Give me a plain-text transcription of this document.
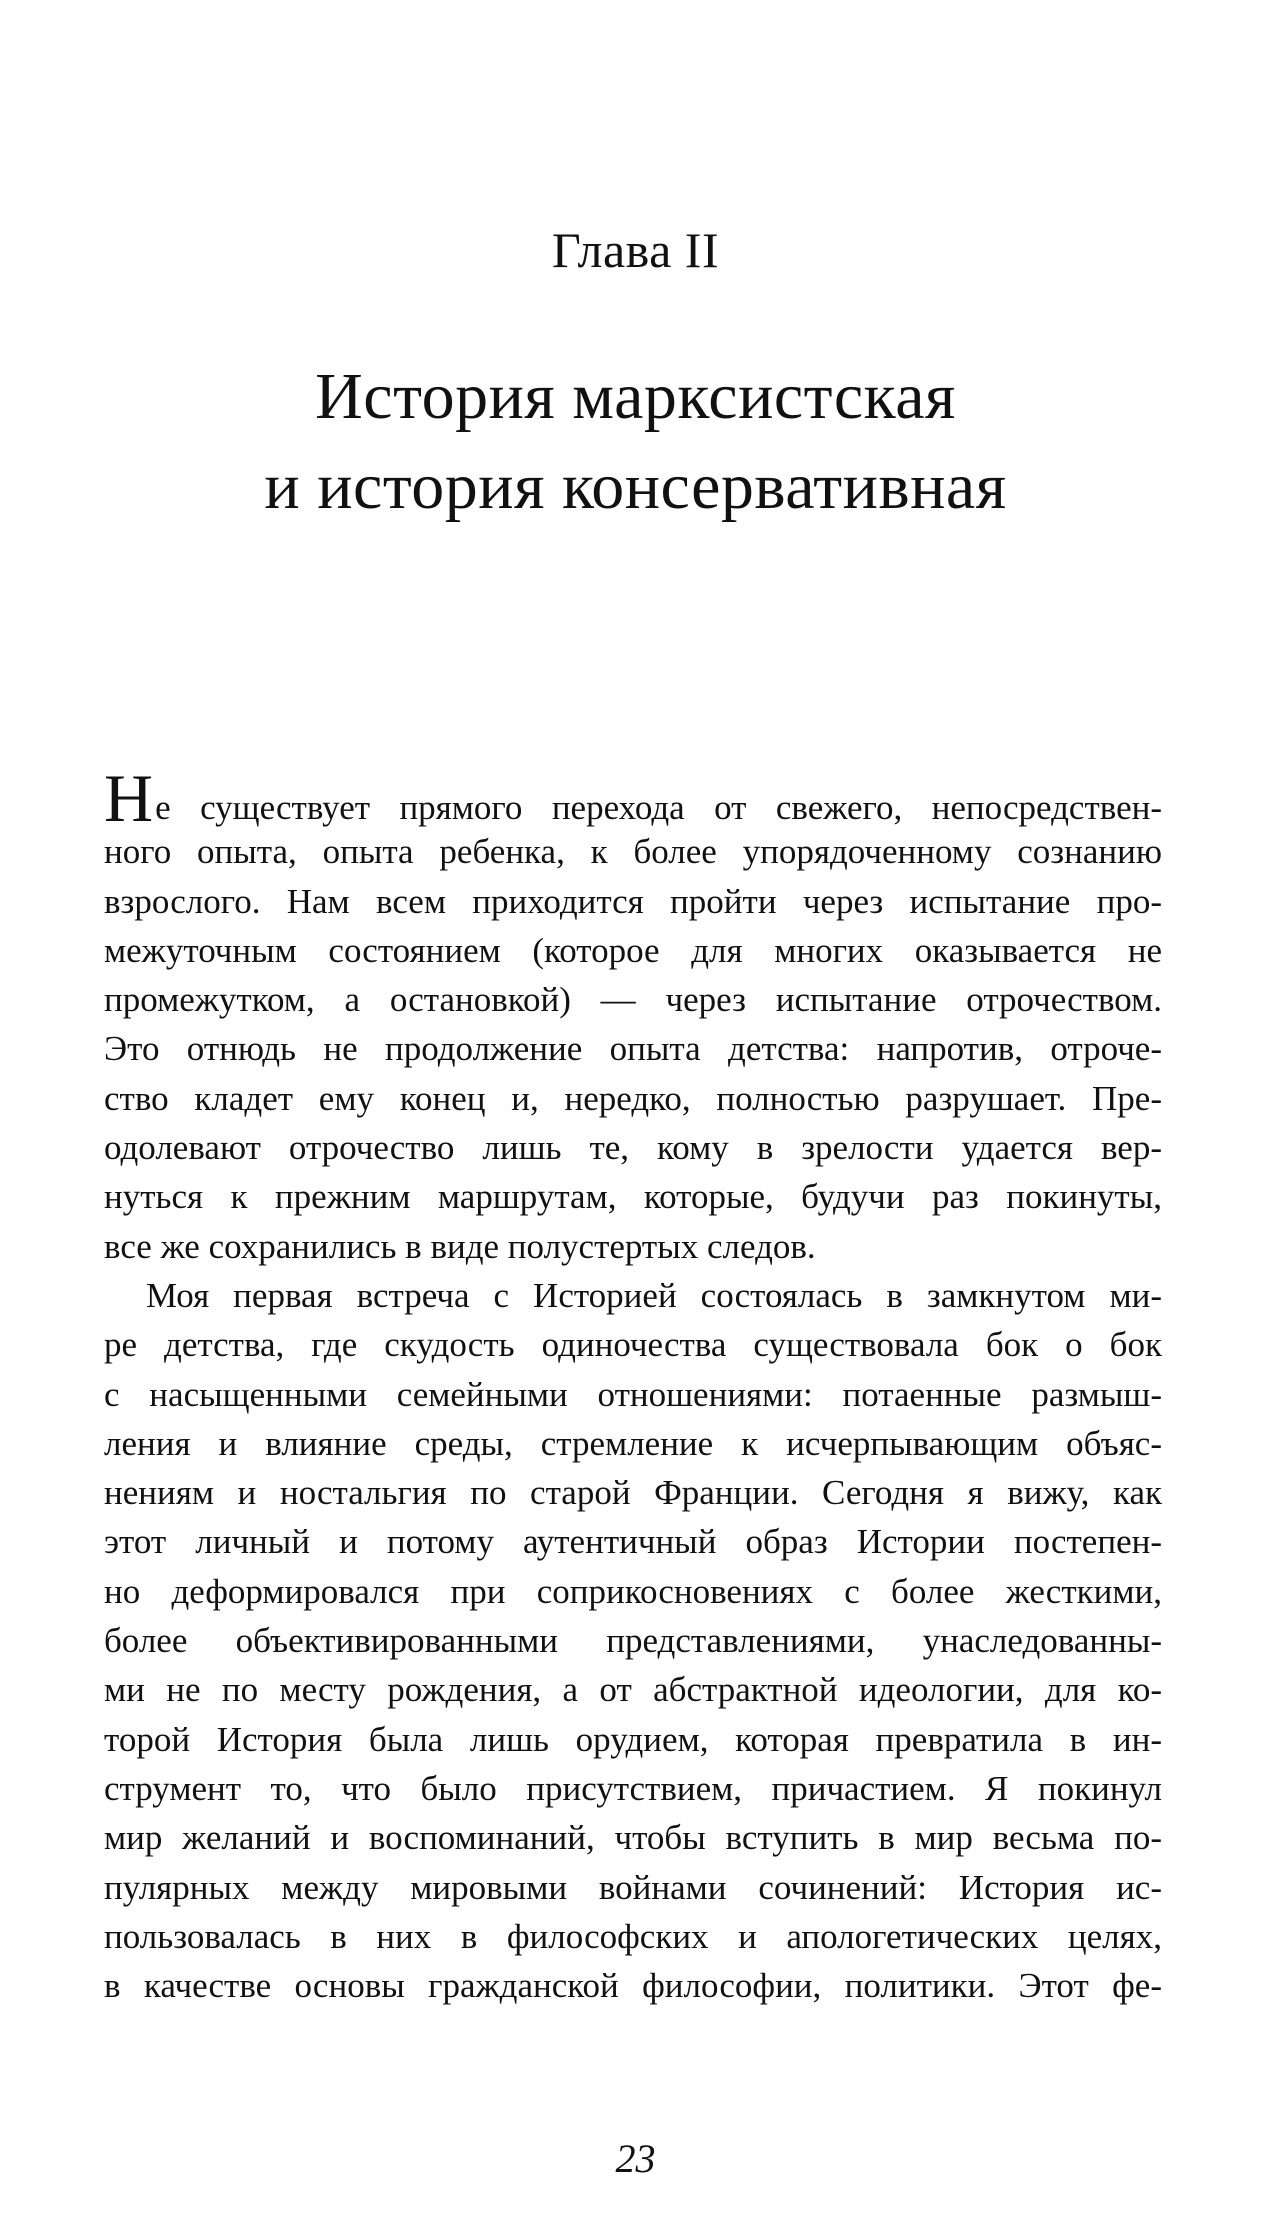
Глава II
История марксистская
и история консервативная
Не существует прямого перехода от свежего, непосредствен-
ного опыта, опыта ребенка, к более упорядоченному сознанию
взрослого. Нам всем приходится пройти через испытание про-
межуточным состоянием (которое для многих оказывается не
промежутком, а остановкой) — через испытание отрочеством.
Это отнюдь не продолжение опыта детства: напротив, отроче-
ство кладет ему конец и, нередко, полностью разрушает. Пре-
одолевают отрочество лишь те, кому в зрелости удается вер-
нуться к прежним маршрутам, которые, будучи раз покинуты,
все же сохранились в виде полустертых следов.
Моя первая встреча с Историей состоялась в замкнутом ми-
ре детства, где скудость одиночества существовала бок о бок
с насыщенными семейными отношениями: потаенные размыш-
ления и влияние среды, стремление к исчерпывающим объяс-
нениям и ностальгия по старой Франции. Сегодня я вижу, как
этот личный и потому аутентичный образ Истории постепен-
но деформировался при соприкосновениях с более жесткими,
более объективированными представлениями, унаследованны-
ми не по месту рождения, а от абстрактной идеологии, для ко-
торой История была лишь орудием, которая превратила в ин-
струмент то, что было присутствием, причастием. Я покинул
мир желаний и воспоминаний, чтобы вступить в мир весьма по-
пулярных между мировыми войнами сочинений: История ис-
пользовалась в них в философских и апологетических целях,
в качестве основы гражданской философии, политики. Этот фе-
23
